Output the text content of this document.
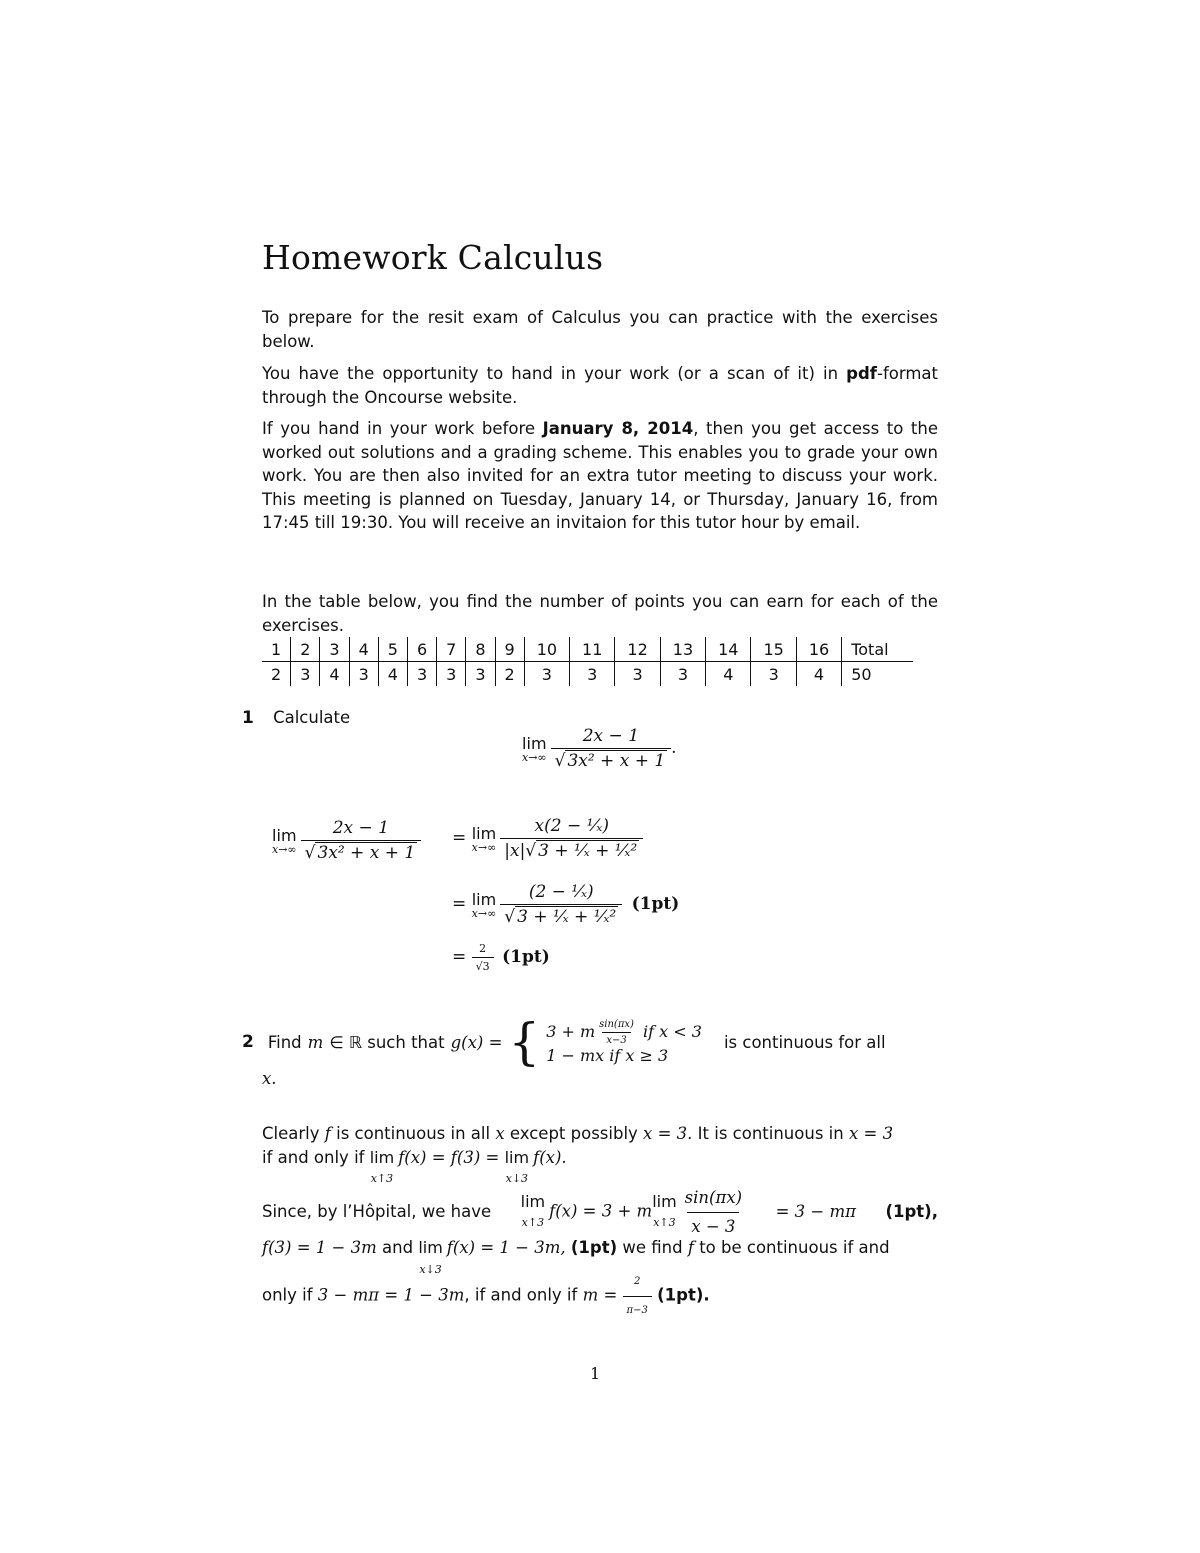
Homework Calculus

To prepare for the resit exam of Calculus you can practice with the exercises below.

You have the opportunity to hand in your work (or a scan of it) in pdf-format through the Oncourse website.

If you hand in your work before January 8, 2014, then you get access to the worked out solutions and a grading scheme. This enables you to grade your own work. You are then also invited for an extra tutor meeting to discuss your work. This meeting is planned on Tuesday, January 14, or Thursday, January 16, from 17:45 till 19:30. You will receive an invitaion for this tutor hour by email.

In the table below, you find the number of points you can earn for each of the exercises.

1	2	3	4	5	6	7	8	9	10	11	12	13	14	15	16	Total
2	3	4	3	4	3	3	3	2	3	3	3	3	4	3	4	50
1 Calculate
lim
$x\to\infty \frac{2x - 1}{\text{√ 3x² + x + 1}}$ .
lim
$x\to\infty \frac{2x - 1}{\text{√ 3x² + x + 1}} = \lim$
$x\to\infty \frac{\text{x(2 − ¹⁄ₓ)}}{\text{|x|√ 3 + ¹⁄ₓ + ¹⁄ₓ²}}$
= lim
$x\to\infty \frac{\text{(2 − ¹⁄ₓ)}}{\text{√ 3 + ¹⁄ₓ + ¹⁄ₓ²}} (1pt)$
= $\frac{2}{√3} (1pt)$
2 Find m ∈ ℝ such that g(x) = { 3 + m $\frac{\sin(\pi x)}{x-3}$ if x < 3
1 − mx if x ≥ 3
is continuous for all
x.
Clearly f is continuous in all x except possibly x = 3. It is continuous in x = 3
if and only if lim
x↑3
f(x) = f(3) = lim
x↓3
f(x).
Since, by l’Hôpital, we have
lim
x↑3
f(x) = 3 + m
lim
x↑3 $\frac{\sin(\pi x)}{x - 3} = 3 - m\pi$ (1pt),
f(3) = 1 − 3m and lim
x↓3
f(x) = 1 − 3m, (1pt) we find f to be continuous if and
only if 3 − mπ = 1 − 3m, if and only if $m = \frac{2}{\pi-3} (1pt)$.
1
